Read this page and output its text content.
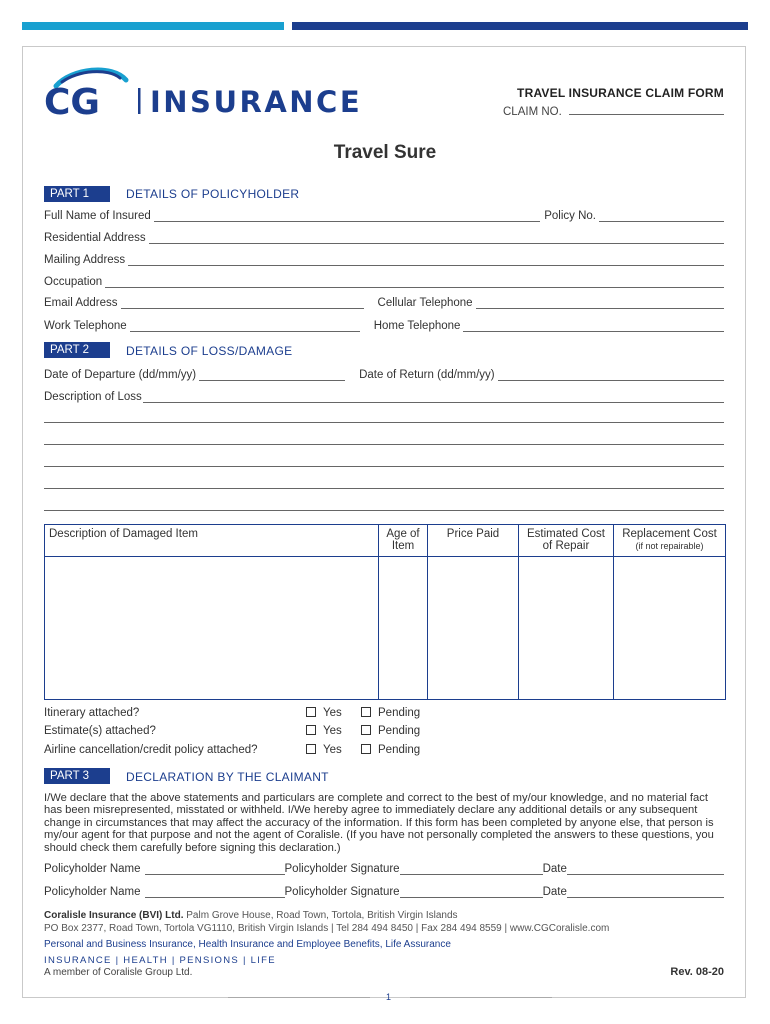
CG INSURANCE	TRAVEL INSURANCE CLAIM FORM
CLAIM NO.
Travel Sure
PART 1	DETAILS OF POLICYHOLDER
Full Name of Insured	Policy No.
Residential Address
Mailing Address
Occupation
Email Address	Cellular Telephone
Work Telephone	Home Telephone
PART 2	DETAILS OF LOSS/DAMAGE
Date of Departure (dd/mm/yy)	Date of Return (dd/mm/yy)
Description of Loss
Description of Damaged Item	Age of Item	Price Paid	Estimated Cost of Repair	Replacement Cost
(if not repairable)

Itinerary attached?	Yes	Pending
Estimate(s) attached?	Yes	Pending
Airline cancellation/credit policy attached?	Yes	Pending
PART 3	DECLARATION BY THE CLAIMANT
I/We declare that the above statements and particulars are complete and correct to the best of my/our knowledge, and no material fact has been misrepresented, misstated or withheld. I/We hereby agree to immediately declare any additional details or any subsequent change in circumstances that may affect the accuracy of the information. If this form has been completed by anyone else, that person is my/our agent for that purpose and not the agent of Coralisle. (If you have not personally completed the answers to these questions, you should check them carefully before signing this declaration.)
Policyholder Name	Policyholder Signature	Date
Policyholder Name	Policyholder Signature	Date
Coralisle Insurance (BVI) Ltd. Palm Grove House, Road Town, Tortola, British Virgin Islands
PO Box 2377, Road Town, Tortola VG1110, British Virgin Islands | Tel 284 494 8450 | Fax 284 494 8559 | www.CGCoralisle.com
Personal and Business Insurance, Health Insurance and Employee Benefits, Life Assurance
INSURANCE | HEALTH | PENSIONS | LIFE
A member of Coralisle Group Ltd.	Rev. 08-20
1
